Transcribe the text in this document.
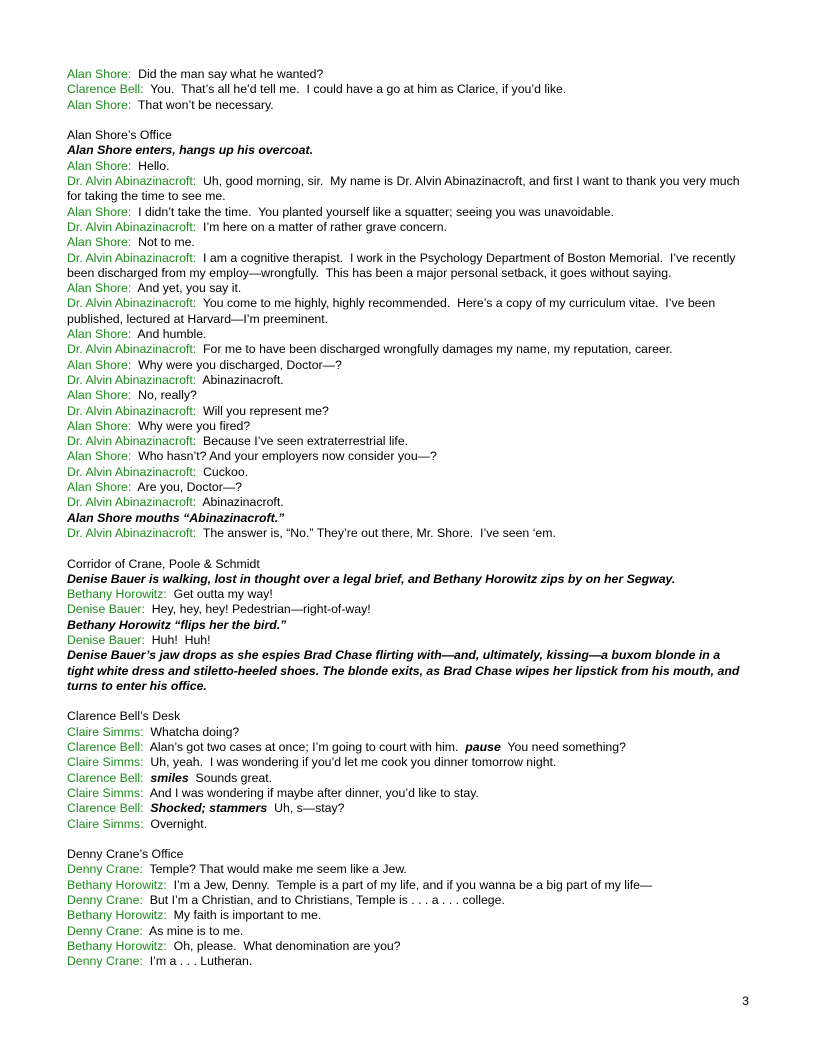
Alan Shore: Did the man say what he wanted?
Clarence Bell: You.  That’s all he’d tell me.  I could have a go at him as Clarice, if you’d like.
Alan Shore: That won’t be necessary.
Alan Shore’s Office
Alan Shore enters, hangs up his overcoat.
Alan Shore: Hello.
Dr. Alvin Abinazinacroft: Uh, good morning, sir.  My name is Dr. Alvin Abinazinacroft, and first I want to thank you very much for taking the time to see me.
Alan Shore: I didn’t take the time.  You planted yourself like a squatter; seeing you was unavoidable.
Dr. Alvin Abinazinacroft: I’m here on a matter of rather grave concern.
Alan Shore: Not to me.
Dr. Alvin Abinazinacroft: I am a cognitive therapist.  I work in the Psychology Department of Boston Memorial.  I’ve recently been discharged from my employ—wrongfully.  This has been a major personal setback, it goes without saying.
Alan Shore: And yet, you say it.
Dr. Alvin Abinazinacroft: You come to me highly, highly recommended.  Here’s a copy of my curriculum vitae.  I’ve been published, lectured at Harvard—I’m preeminent.
Alan Shore: And humble.
Dr. Alvin Abinazinacroft: For me to have been discharged wrongfully damages my name, my reputation, career.
Alan Shore: Why were you discharged, Doctor—?
Dr. Alvin Abinazinacroft: Abinazinacroft.
Alan Shore: No, really?
Dr. Alvin Abinazinacroft: Will you represent me?
Alan Shore: Why were you fired?
Dr. Alvin Abinazinacroft: Because I’ve seen extraterrestrial life.
Alan Shore: Who hasn’t? And your employers now consider you—?
Dr. Alvin Abinazinacroft: Cuckoo.
Alan Shore: Are you, Doctor—?
Dr. Alvin Abinazinacroft: Abinazinacroft.
Alan Shore mouths “Abinazinacroft.”
Dr. Alvin Abinazinacroft: The answer is, “No.” They’re out there, Mr. Shore.  I’ve seen ‘em.
Corridor of Crane, Poole & Schmidt
Denise Bauer is walking, lost in thought over a legal brief, and Bethany Horowitz zips by on her Segway.
Bethany Horowitz: Get outta my way!
Denise Bauer: Hey, hey, hey! Pedestrian—right-of-way!
Bethany Horowitz “flips her the bird.”
Denise Bauer: Huh!  Huh!
Denise Bauer’s jaw drops as she espies Brad Chase flirting with—and, ultimately, kissing—a buxom blonde in a tight white dress and stiletto-heeled shoes. The blonde exits, as Brad Chase wipes her lipstick from his mouth, and turns to enter his office.
Clarence Bell’s Desk
Claire Simms: Whatcha doing?
Clarence Bell: Alan’s got two cases at once; I’m going to court with him.  pause  You need something?
Claire Simms: Uh, yeah.  I was wondering if you’d let me cook you dinner tomorrow night.
Clarence Bell: smiles  Sounds great.
Claire Simms: And I was wondering if maybe after dinner, you’d like to stay.
Clarence Bell: Shocked; stammers  Uh, s—stay?
Claire Simms: Overnight.
Denny Crane’s Office
Denny Crane: Temple? That would make me seem like a Jew.
Bethany Horowitz: I’m a Jew, Denny.  Temple is a part of my life, and if you wanna be a big part of my life—
Denny Crane: But I’m a Christian, and to Christians, Temple is . . . a . . . college.
Bethany Horowitz: My faith is important to me.
Denny Crane: As mine is to me.
Bethany Horowitz: Oh, please.  What denomination are you?
Denny Crane: I’m a . . . Lutheran.
3
